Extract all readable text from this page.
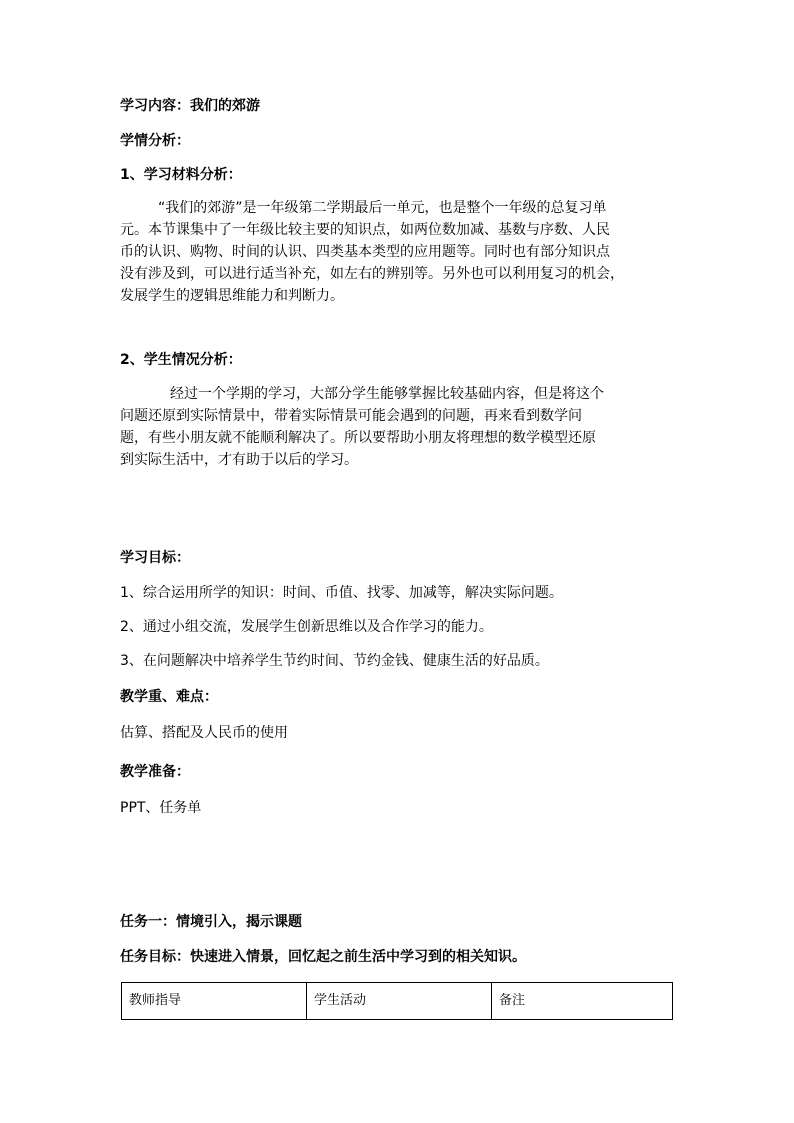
学习内容：我们的郊游
学情分析：
1、学习材料分析：
“我们的郊游”是一年级第二学期最后一单元，也是整个一年级的总复习单
元。本节课集中了一年级比较主要的知识点，如两位数加减、基数与序数、人民
币的认识、购物、时间的认识、四类基本类型的应用题等。同时也有部分知识点
没有涉及到，可以进行适当补充，如左右的辨别等。另外也可以利用复习的机会，
发展学生的逻辑思维能力和判断力。
2、学生情况分析：
经过一个学期的学习，大部分学生能够掌握比较基础内容，但是将这个
问题还原到实际情景中，带着实际情景可能会遇到的问题，再来看到数学问
题，有些小朋友就不能顺利解决了。所以要帮助小朋友将理想的数学模型还原
到实际生活中，才有助于以后的学习。
学习目标：
1、综合运用所学的知识：时间、币值、找零、加减等，解决实际问题。
2、通过小组交流，发展学生创新思维以及合作学习的能力。
3、在问题解决中培养学生节约时间、节约金钱、健康生活的好品质。
教学重、难点：
估算、搭配及人民币的使用
教学准备：
PPT、任务单
任务一：情境引入，揭示课题
任务目标：快速进入情景，回忆起之前生活中学习到的相关知识。
教师指导	学生活动	备注
